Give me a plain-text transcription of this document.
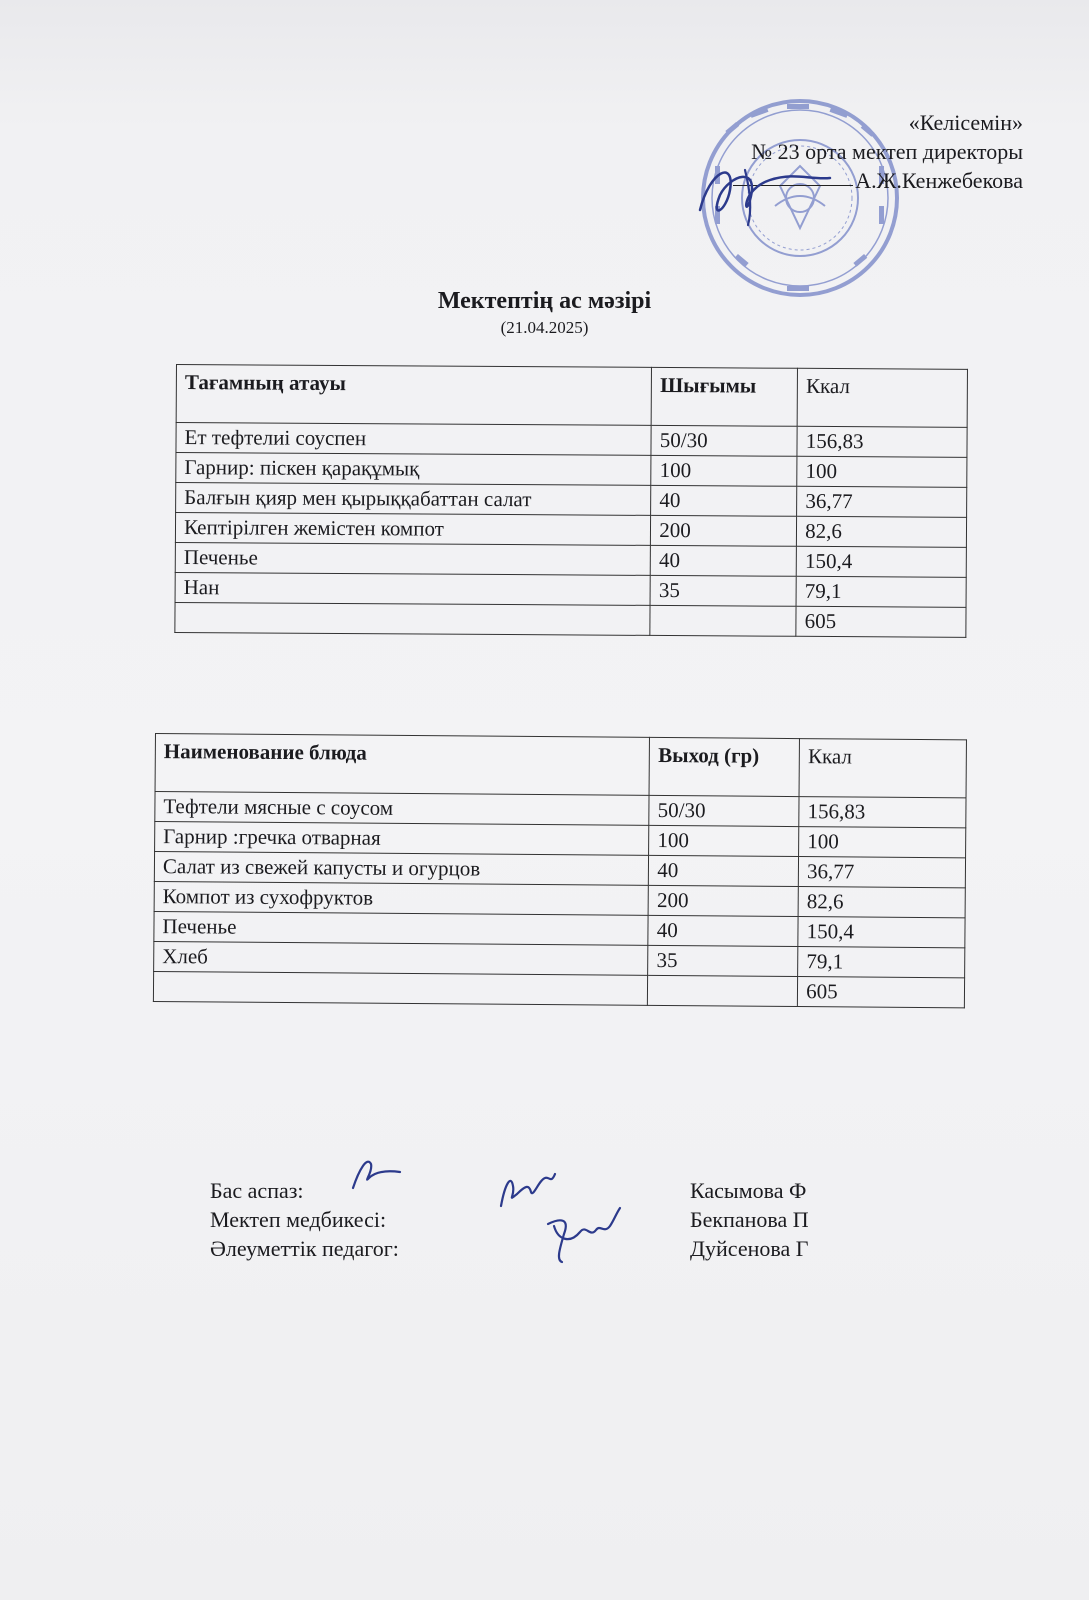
«Келісемін»
№ 23 орта мектеп директоры
А.Ж.Кенжебекова
Мектептің ас мәзірі
(21.04.2025)
Тағамның атауы	Шығымы	Ккал
Ет тефтелиі соуспен	50/30	156,83
Гарнир: піскен қарақұмық	100	100
Балғын қияр мен қырыққабаттан салат	40	36,77
Кептірілген жемістен компот	200	82,6
Печенье	40	150,4
Нан	35	79,1
		605
Наименование блюда	Выход (гр)	Ккал
Тефтели мясные с соусом	50/30	156,83
Гарнир :гречка отварная	100	100
Салат из свежей капусты и огурцов	40	36,77
Компот из сухофруктов	200	82,6
Печенье	40	150,4
Хлеб	35	79,1
		605
Бас аспаз:	Касымова Ф
Мектеп медбикесі:	Бекпанова П
Әлеуметтік педагог:	Дуйсенова Г
